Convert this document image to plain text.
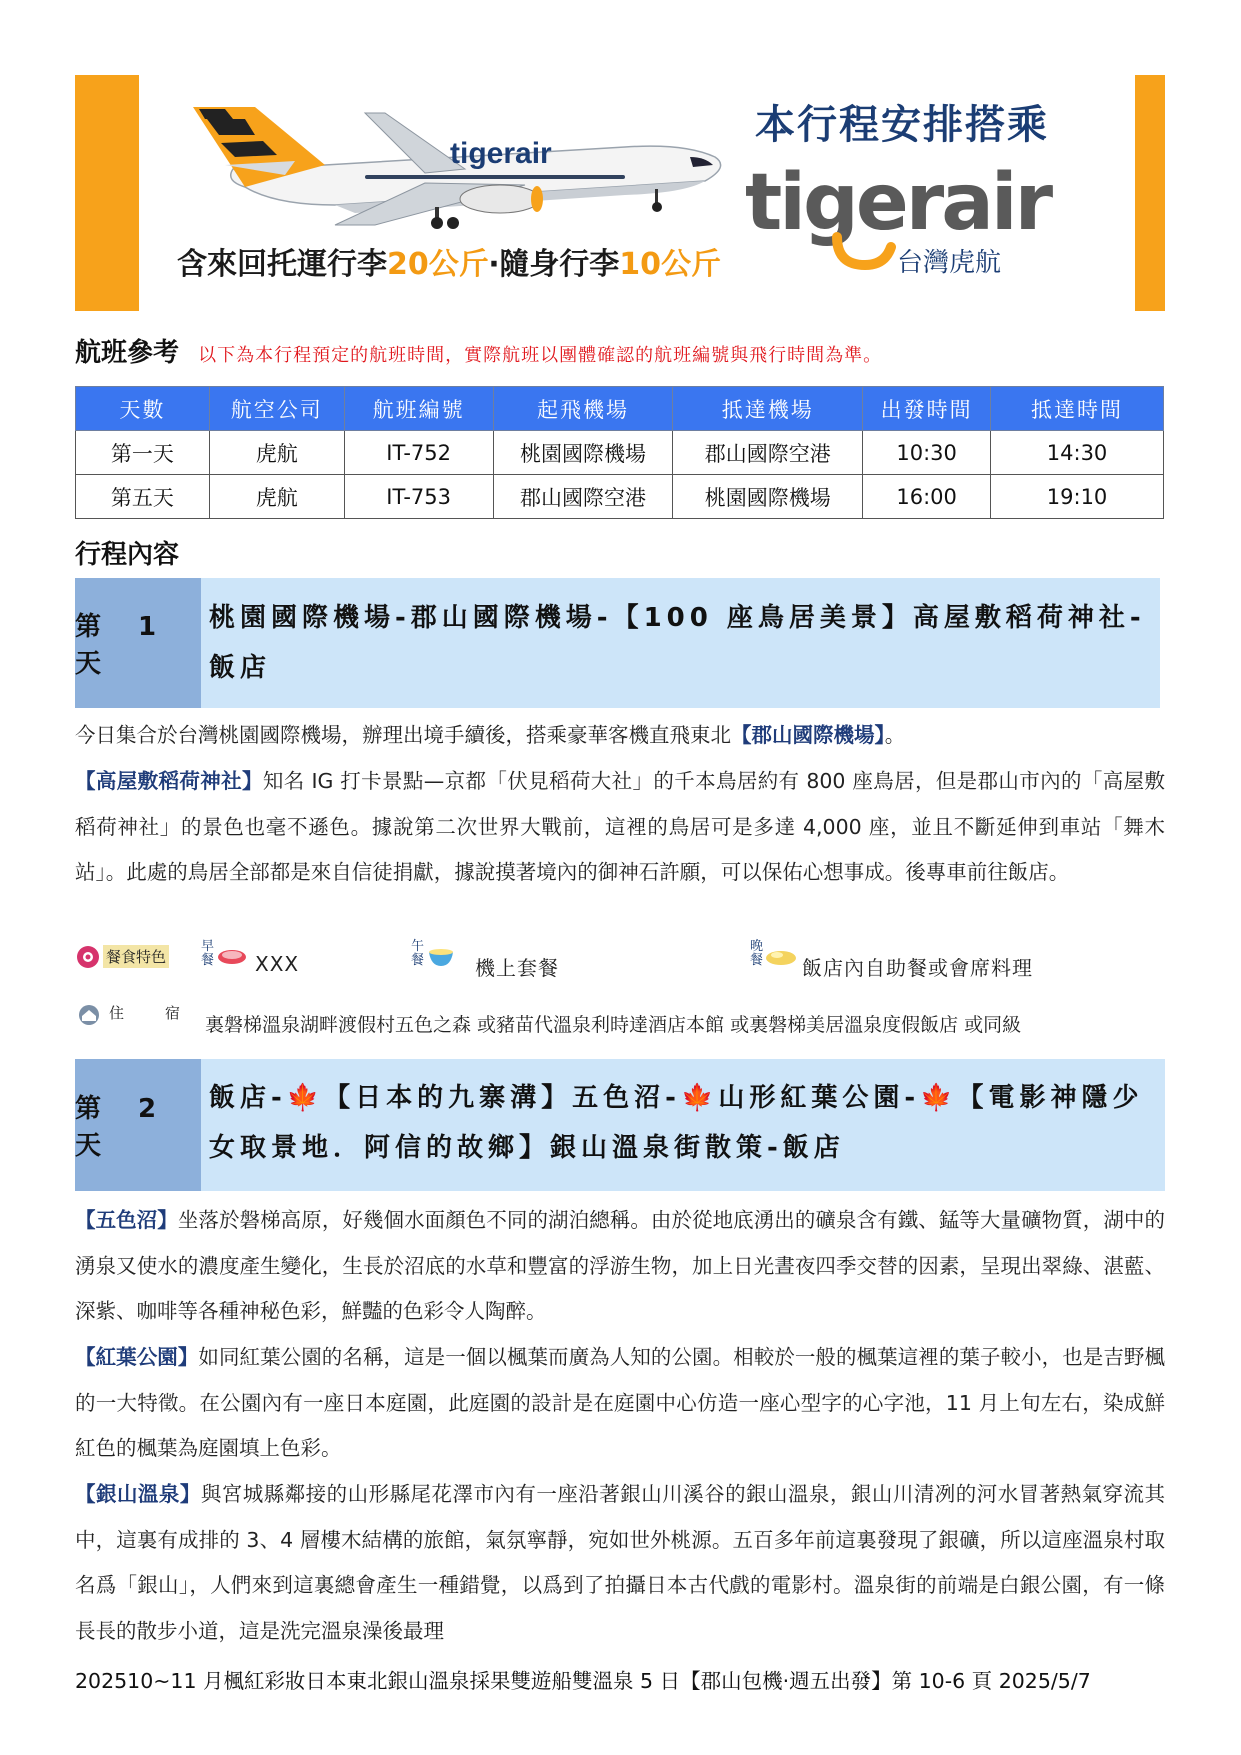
tigerair
本行程安排搭乘
tigerair
台灣虎航
含來回托運行李20公斤‧隨身行李10公斤
航班參考 以下為本行程預定的航班時間，實際航班以團體確認的航班編號與飛行時間為準。
天數	航空公司	航班編號	起飛機場	抵達機場	出發時間	抵達時間
第一天	虎航	IT-752	桃園國際機場	郡山國際空港	10:30	14:30
第五天	虎航	IT-753	郡山國際空港	桃園國際機場	16:00	19:10
行程內容
第 1 天
桃園國際機場-郡山國際機場-【100 座鳥居美景】高屋敷稻荷神社-飯店
今日集合於台灣桃園國際機場，辦理出境手續後，搭乘豪華客機直飛東北【郡山國際機場】。
【高屋敷稻荷神社】知名 IG 打卡景點—京都「伏見稻荷大社」的千本鳥居約有 800 座鳥居，但是郡山市內的「高屋敷稻荷神社」的景色也毫不遜色。據說第二次世界大戰前，這裡的鳥居可是多達 4,000 座，並且不斷延伸到車站「舞木站」。此處的鳥居全部都是來自信徒捐獻，據說摸著境內的御神石許願，可以保佑心想事成。後專車前往飯店。
餐食特色
早餐 XXX
午餐	機上套餐
晚餐 飯店內自助餐或會席料理
住	宿
裏磐梯溫泉湖畔渡假村五色之森 或豬苗代溫泉利時達酒店本館 或裏磐梯美居溫泉度假飯店 或同級
第 2 天
飯店-🍁【日本的九寨溝】五色沼-🍁山形紅葉公園-🍁【電影神隱少女取景地．阿信的故鄉】銀山溫泉街散策-飯店
【五色沼】坐落於磐梯高原，好幾個水面顏色不同的湖泊總稱。由於從地底湧出的礦泉含有鐵、錳等大量礦物質，湖中的湧泉又使水的濃度產生變化，生長於沼底的水草和豐富的浮游生物，加上日光晝夜四季交替的因素，呈現出翠綠、湛藍、深紫、咖啡等各種神秘色彩，鮮豔的色彩令人陶醉。
【紅葉公園】如同紅葉公園的名稱，這是一個以楓葉而廣為人知的公園。相較於一般的楓葉這裡的葉子較小，也是吉野楓的一大特徵。在公園內有一座日本庭園，此庭園的設計是在庭園中心仿造一座心型字的心字池，11 月上旬左右，染成鮮紅色的楓葉為庭園填上色彩。
【銀山溫泉】與宮城縣鄰接的山形縣尾花澤市內有一座沿著銀山川溪谷的銀山溫泉，銀山川清冽的河水冒著熱氣穿流其中，這裏有成排的 3、4 層樓木結構的旅館，氣氛寧靜，宛如世外桃源。五百多年前這裏發現了銀礦，所以這座溫泉村取名爲「銀山」，人們來到這裏總會產生一種錯覺，以爲到了拍攝日本古代戲的電影村。溫泉街的前端是白銀公園，有一條長長的散步小道，這是洗完溫泉澡後最理
202510~11 月楓紅彩妝日本東北銀山溫泉採果雙遊船雙溫泉 5 日【郡山包機‧週五出發】第 10-6 頁 2025/5/7
